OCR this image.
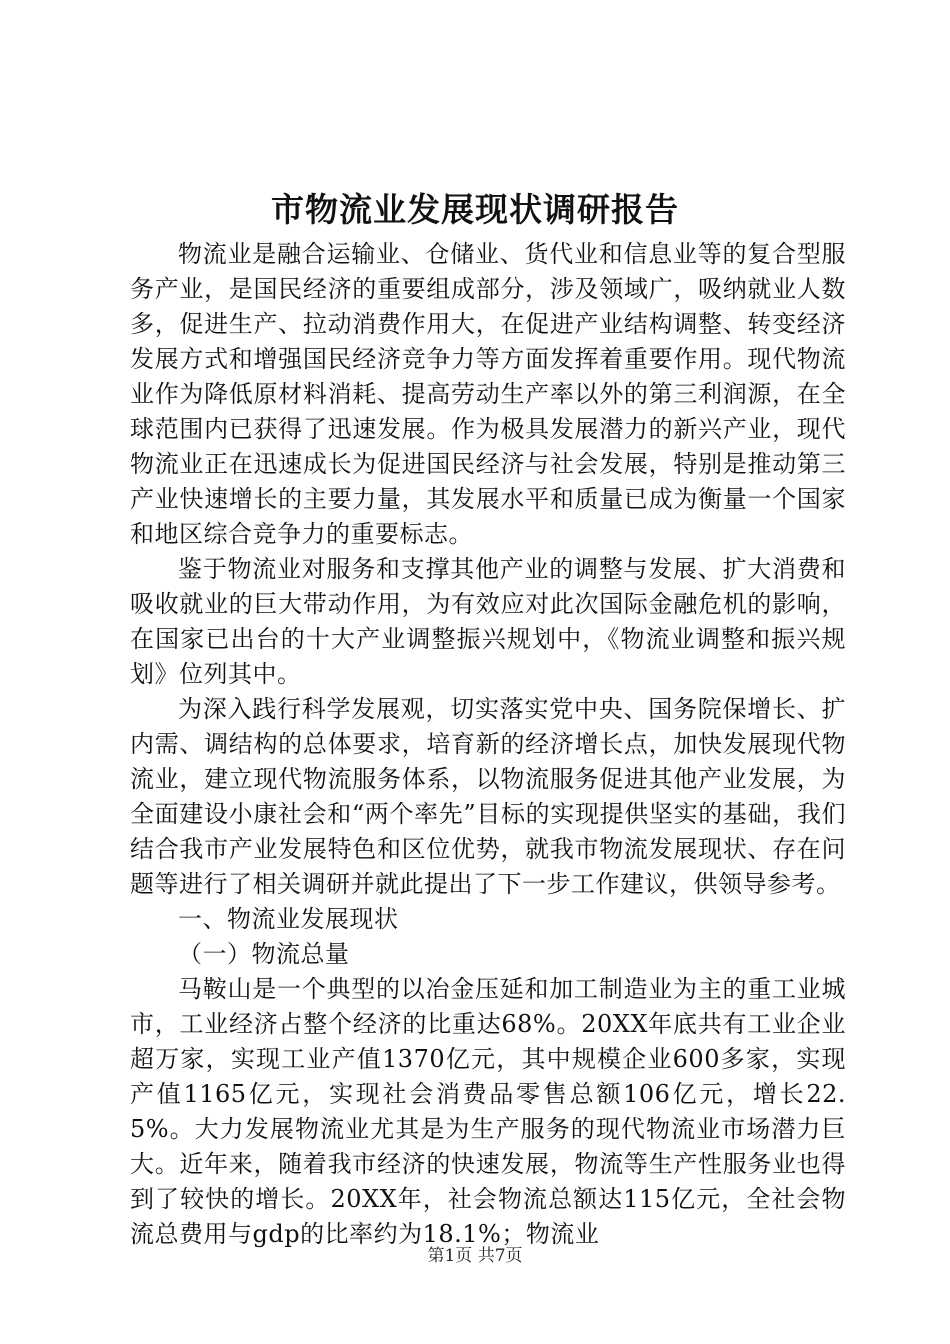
市物流业发展现状调研报告

物流业是融合运输业、仓储业、货代业和信息业等的复合型服务产业，是国民经济的重要组成部分，涉及领域广，吸纳就业人数多，促进生产、拉动消费作用大，在促进产业结构调整、转变经济发展方式和增强国民经济竞争力等方面发挥着重要作用。现代物流业作为降低原材料消耗、提高劳动生产率以外的第三利润源，在全球范围内已获得了迅速发展。作为极具发展潜力的新兴产业，现代物流业正在迅速成长为促进国民经济与社会发展，特别是推动第三产业快速增长的主要力量，其发展水平和质量已成为衡量一个国家和地区综合竞争力的重要标志。

鉴于物流业对服务和支撑其他产业的调整与发展、扩大消费和吸收就业的巨大带动作用，为有效应对此次国际金融危机的影响，在国家已出台的十大产业调整振兴规划中，《物流业调整和振兴规划》位列其中。

为深入践行科学发展观，切实落实党中央、国务院保增长、扩内需、调结构的总体要求，培育新的经济增长点，加快发展现代物流业，建立现代物流服务体系，以物流服务促进其他产业发展，为全面建设小康社会和“两个率先”目标的实现提供坚实的基础，我们结合我市产业发展特色和区位优势，就我市物流发展现状、存在问题等进行了相关调研并就此提出了下一步工作建议，供领导参考。

一、物流业发展现状

（一）物流总量

马鞍山是一个典型的以冶金压延和加工制造业为主的重工业城市，工业经济占整个经济的比重达68%。20XX年底共有工业企业超万家，实现工业产值1370亿元，其中规模企业600多家，实现产值1165亿元，实现社会消费品零售总额106亿元，增长22.5%。大力发展物流业尤其是为生产服务的现代物流业市场潜力巨大。近年来，随着我市经济的快速发展，物流等生产性服务业也得到了较快的增长。20XX年，社会物流总额达115亿元，全社会物流总费用与gdp的比率约为18.1%；物流业

第1页 共7页
